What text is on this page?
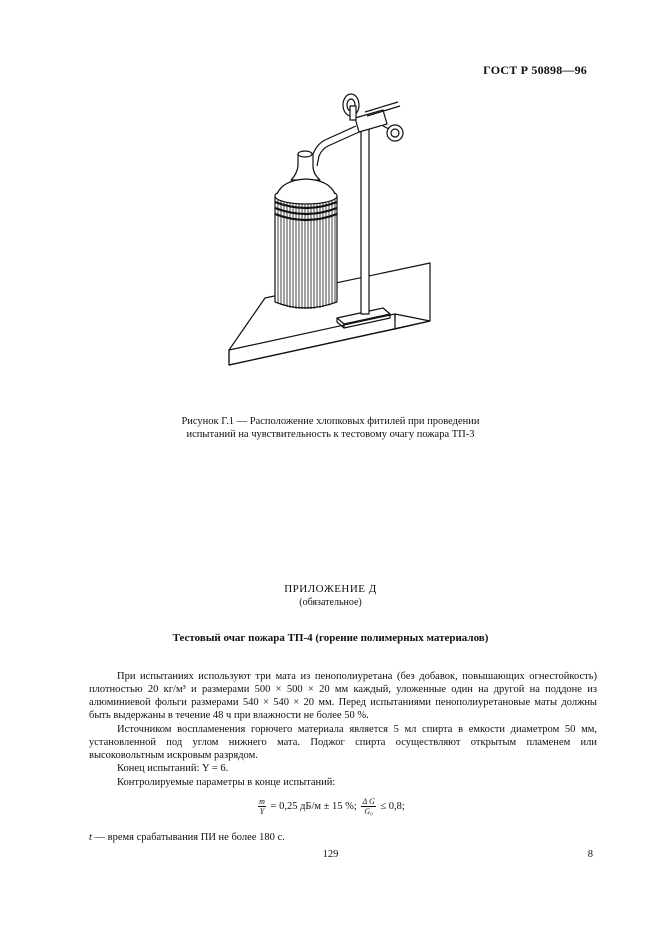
ГОСТ Р 50898—96
Рисунок Г.1 — Расположение хлопковых фитилей при проведении
испытаний на чувствительность к тестовому очагу пожара ТП-3
ПРИЛОЖЕНИЕ Д
(обязательное)
Тестовый очаг пожара ТП-4 (горение полимерных материалов)

При испытаниях используют три мата из пенополиуретана (без добавок, повышающих огнестойкость) плотностью 20 кг/м³ и размерами 500 × 500 × 20 мм каждый, уложенные один на другой на поддоне из алюминиевой фольги размерами 540 × 540 × 20 мм. Перед испытаниями пенополиуретановые маты должны быть выдержаны в течение 48 ч при влажности не более 50 %.

Источником воспламенения горючего материала является 5 мл спирта в емкости диаметром 50 мм, установленной под углом нижнего мата. Поджог спирта осуществляют открытым пламенем или высоковольтным искровым разрядом.

Конец испытаний: Y = 6.

Контролируемые параметры в конце испытаний:

$\frac{m}{Y} = 0,25$ дБ/м ± 15 %; $\frac{\text{Δ G}}{\text{G₀}} \le 0,8$;
t — время срабатывания ПИ не более 180 с.
129	8
